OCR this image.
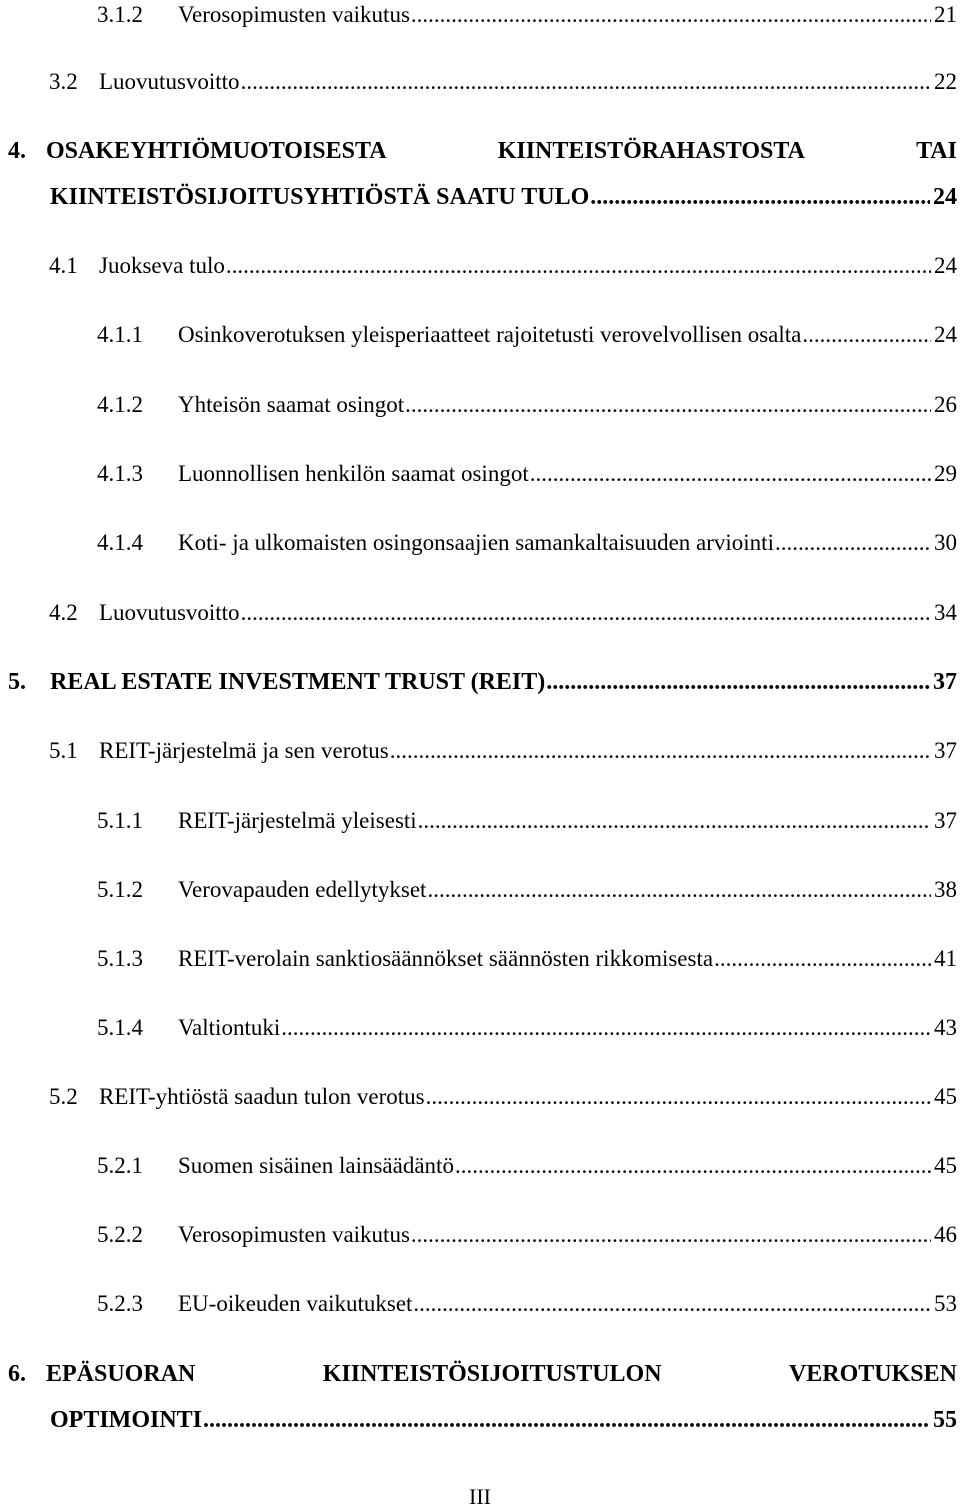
3.1.2	Verosopimusten vaikutus .....	21
3.2 Luovutusvoitto .....	22
4. OSAKEYHTIÖMUOTOISESTA	KIINTEISTÖRAHASTOSTA	TAI
KIINTEISTÖSIJOITUSYHTIÖSTÄ SAATU TULO .....	24
4.1 Juokseva tulo .....	24
4.1.1	Osinkoverotuksen yleisperiaatteet rajoitetusti verovelvollisen osalta .....	24
4.1.2	Yhteisön saamat osingot .....	26
4.1.3	Luonnollisen henkilön saamat osingot .....	29
4.1.4	Koti- ja ulkomaisten osingonsaajien samankaltaisuuden arviointi .....	30
4.2 Luovutusvoitto .....	34
5.	REAL ESTATE INVESTMENT TRUST (REIT) .....	37
5.1 REIT-järjestelmä ja sen verotus .....	37
5.1.1	REIT-järjestelmä yleisesti .....	37
5.1.2	Verovapauden edellytykset .....	38
5.1.3	REIT-verolain sanktiosäännökset säännösten rikkomisesta .....	41
5.1.4	Valtiontuki .....	43
5.2 REIT-yhtiöstä saadun tulon verotus .....	45
5.2.1	Suomen sisäinen lainsäädäntö .....	45
5.2.2	Verosopimusten vaikutus .....	46
5.2.3	EU-oikeuden vaikutukset .....	53
6. EPÄSUORAN	KIINTEISTÖSIJOITUSTULON	VEROTUKSEN
OPTIMOINTI .....	55
III
